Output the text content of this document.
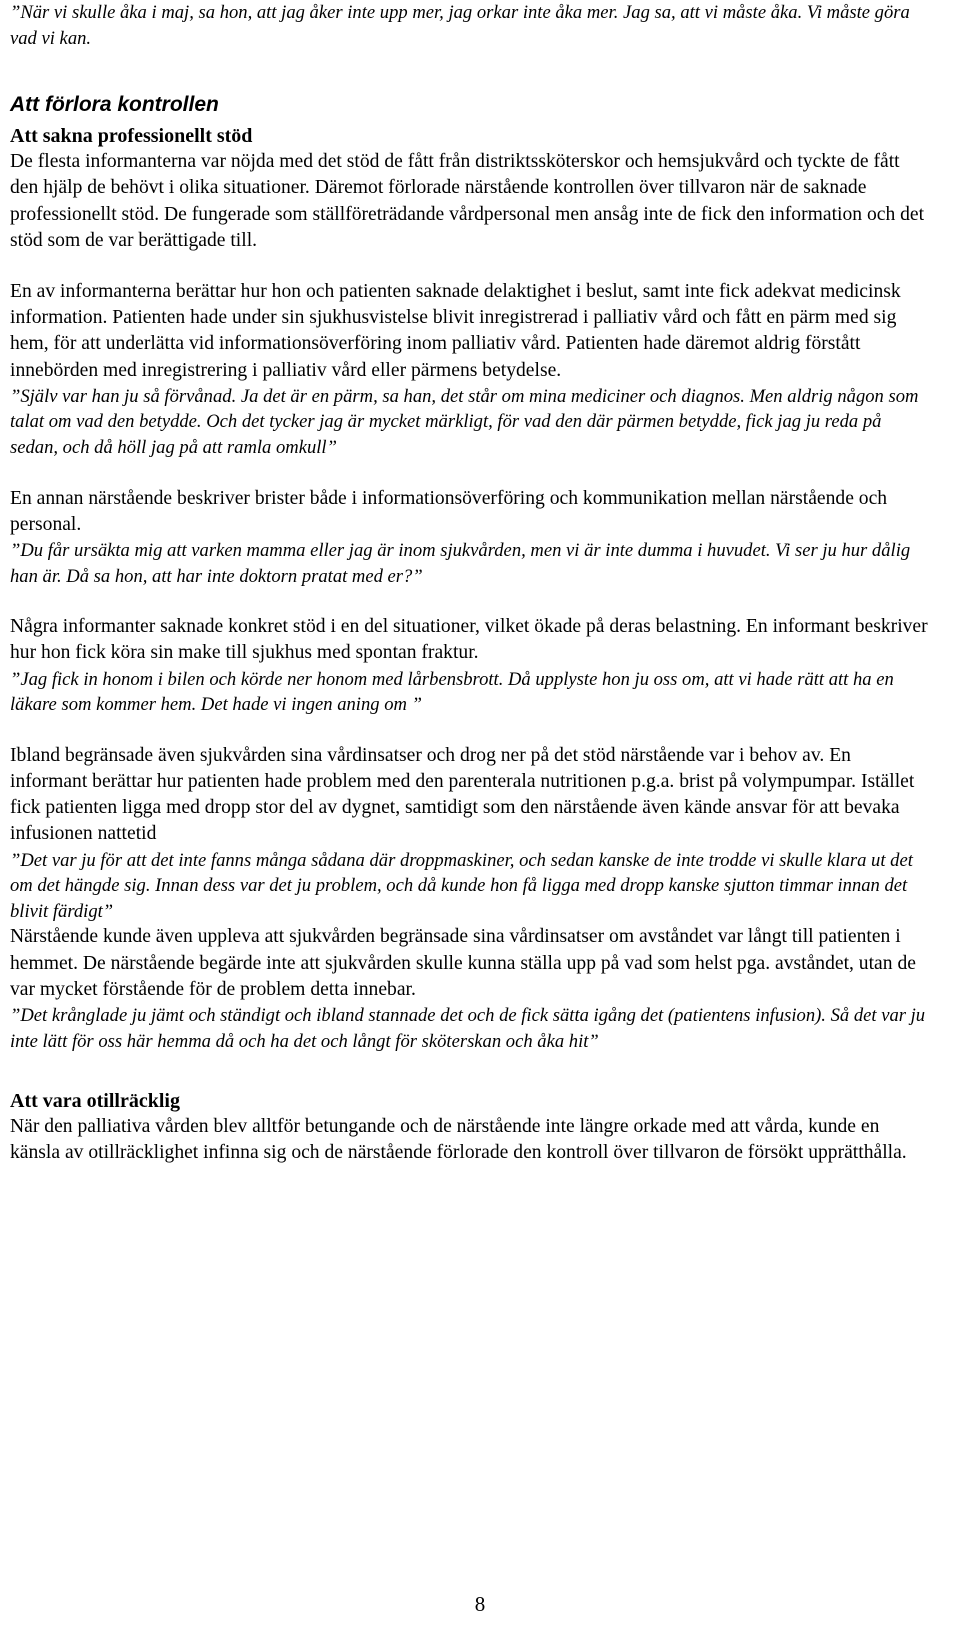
”När vi skulle åka i maj, sa hon, att jag åker inte upp mer, jag orkar inte åka mer. Jag sa, att vi måste åka. Vi måste göra vad vi kan.

Att förlora kontrollen

Att sakna professionellt stöd

De flesta informanterna var nöjda med det stöd de fått från distriktssköterskor och hemsjukvård och tyckte de fått den hjälp de behövt i olika situationer. Däremot förlorade närstående kontrollen över tillvaron när de saknade professionellt stöd. De fungerade som ställföreträdande vårdpersonal men ansåg inte de fick den information och det stöd som de var berättigade till.

En av informanterna berättar hur hon och patienten saknade delaktighet i beslut, samt inte fick adekvat medicinsk information. Patienten hade under sin sjukhusvistelse blivit inregistrerad i palliativ vård och fått en pärm med sig hem, för att underlätta vid informationsöverföring inom palliativ vård. Patienten hade däremot aldrig förstått innebörden med inregistrering i palliativ vård eller pärmens betydelse.

”Själv var han ju så förvånad. Ja det är en pärm, sa han, det står om mina mediciner och diagnos. Men aldrig någon som talat om vad den betydde. Och det tycker jag är mycket märkligt, för vad den där pärmen betydde, fick jag ju reda på sedan, och då höll jag på att ramla omkull”

En annan närstående beskriver brister både i informationsöverföring och kommunikation mellan närstående och personal.

”Du får ursäkta mig att varken mamma eller jag är inom sjukvården, men vi är inte dumma i huvudet. Vi ser ju hur dålig han är. Då sa hon, att har inte doktorn pratat med er?”

Några informanter saknade konkret stöd i en del situationer, vilket ökade på deras belastning. En informant beskriver hur hon fick köra sin make till sjukhus med spontan fraktur.

”Jag fick in honom i bilen och körde ner honom med lårbensbrott. Då upplyste hon ju oss om, att vi hade rätt att ha en läkare som kommer hem. Det hade vi ingen aning om ”

Ibland begränsade även sjukvården sina vårdinsatser och drog ner på det stöd närstående var i behov av. En informant berättar hur patienten hade problem med den parenterala nutritionen p.g.a. brist på volympumpar. Istället fick patienten ligga med dropp stor del av dygnet, samtidigt som den närstående även kände ansvar för att bevaka infusionen nattetid

”Det var ju för att det inte fanns många sådana där droppmaskiner, och sedan kanske de inte trodde vi skulle klara ut det om det hängde sig. Innan dess var det ju problem, och då kunde hon få ligga med dropp kanske sjutton timmar innan det blivit färdigt”

Närstående kunde även uppleva att sjukvården begränsade sina vårdinsatser om avståndet var långt till patienten i hemmet. De närstående begärde inte att sjukvården skulle kunna ställa upp på vad som helst pga. avståndet, utan de var mycket förstående för de problem detta innebar.

”Det krånglade ju jämt och ständigt och ibland stannade det och de fick sätta igång det (patientens infusion). Så det var ju inte lätt för oss här hemma då och ha det och långt för sköterskan och åka hit”

Att vara otillräcklig

När den palliativa vården blev alltför betungande och de närstående inte längre orkade med att vårda, kunde en känsla av otillräcklighet infinna sig och de närstående förlorade den kontroll över tillvaron de försökt upprätthålla.

8
